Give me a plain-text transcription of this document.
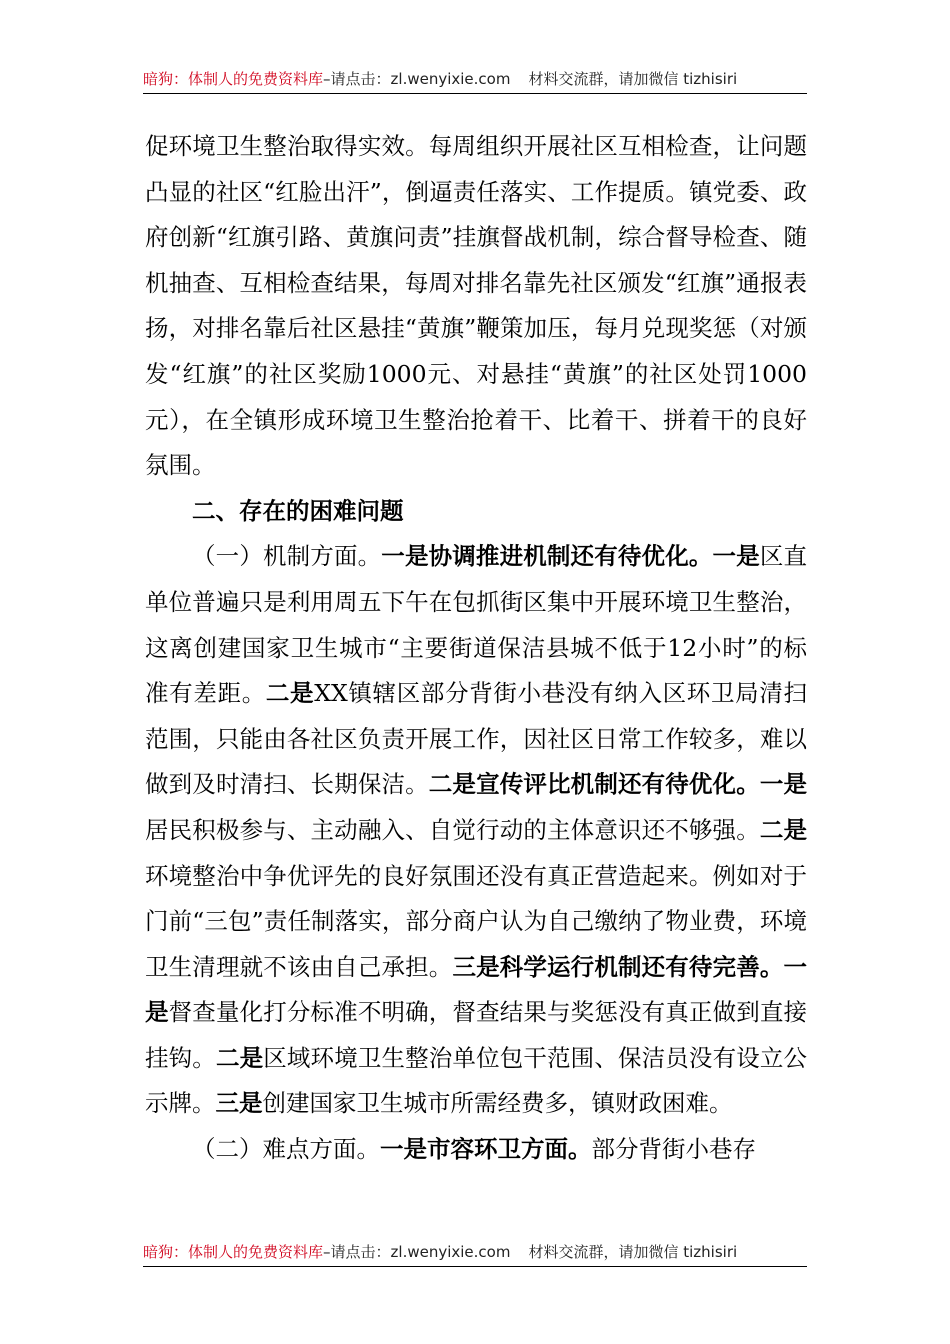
暗狗：体制人的免费资料库 –请点击： zl.wenyixie.com 材料交流群，请加微信 tizhisiri

促环境卫生整治取得实效。每周组织开展社区互相检查，让问题凸显的社区“红脸出汗”，倒逼责任落实、工作提质。镇党委、政府创新“红旗引路、黄旗问责”挂旗督战机制，综合督导检查、随机抽查、互相检查结果，每周对排名靠先社区颁发“红旗”通报表扬，对排名靠后社区悬挂“黄旗”鞭策加压，每月兑现奖惩（对颁发“红旗”的社区奖励1000元、对悬挂“黄旗”的社区处罚1000元），在全镇形成环境卫生整治抢着干、比着干、拼着干的良好氛围。

二、存在的困难问题

（一）机制方面。一是协调推进机制还有待优化。一是区直单位普遍只是利用周五下午在包抓街区集中开展环境卫生整治，这离创建国家卫生城市“主要街道保洁县城不低于12小时”的标准有差距。二是XX镇辖区部分背街小巷没有纳入区环卫局清扫范围，只能由各社区负责开展工作，因社区日常工作较多，难以做到及时清扫、长期保洁。二是宣传评比机制还有待优化。一是居民积极参与、主动融入、自觉行动的主体意识还不够强。二是环境整治中争优评先的良好氛围还没有真正营造起来。例如对于门前“三包”责任制落实，部分商户认为自己缴纳了物业费，环境卫生清理就不该由自己承担。三是科学运行机制还有待完善。一是督查量化打分标准不明确，督查结果与奖惩没有真正做到直接挂钩。二是区域环境卫生整治单位包干范围、保洁员没有设立公示牌。三是创建国家卫生城市所需经费多，镇财政困难。

（二）难点方面。一是市容环卫方面。部分背街小巷存

暗狗：体制人的免费资料库 –请点击： zl.wenyixie.com 材料交流群，请加微信 tizhisiri
